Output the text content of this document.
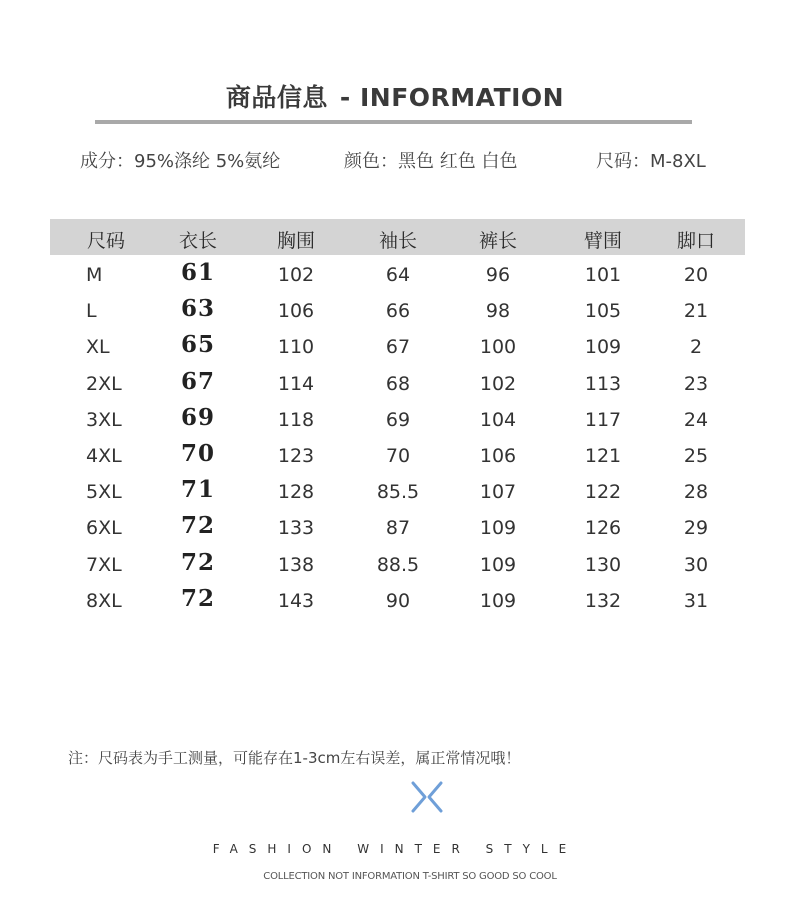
商品信息 - INFORMATION
成分：95%涤纶 5%氨纶	颜色：黑色 红色 白色	尺码：M-8XL
尺码	衣长	胸围	袖长	裤长	臂围	脚口
M	61	102	64	96	101	20
L	63	106	66	98	105	21
XL	65	110	67	100	109	2
2XL	67	114	68	102	113	23
3XL	69	118	69	104	117	24
4XL	70	123	70	106	121	25
5XL	71	128	85.5	107	122	28
6XL	72	133	87	109	126	29
7XL	72	138	88.5	109	130	30
8XL	72	143	90	109	132	31
注：尺码表为手工测量，可能存在1-3cm左右误差，属正常情况哦！
FASHION WINTER STYLE
COLLECTION NOT INFORMATION T-SHIRT SO GOOD SO COOL
